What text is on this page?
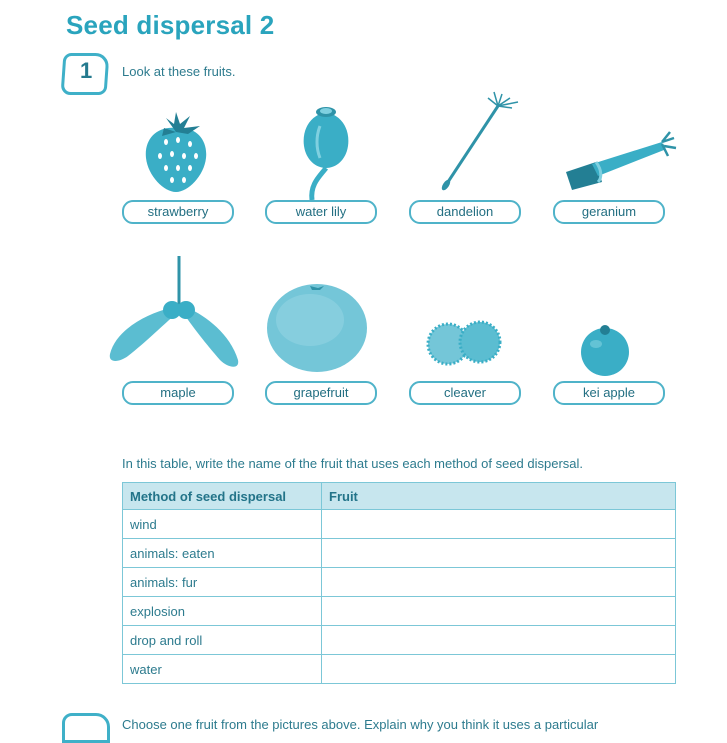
Seed dispersal 2
1 Look at these fruits.
strawberry	water lily	dandelion	geranium
maple	grapefruit	cleaver	kei apple
In this table, write the name of the fruit that uses each method of seed dispersal.
Method of seed dispersal	Fruit
wind	
animals: eaten	
animals: fur	
explosion	
drop and roll	
water	
Choose one fruit from the pictures above. Explain why you think it uses a particular
